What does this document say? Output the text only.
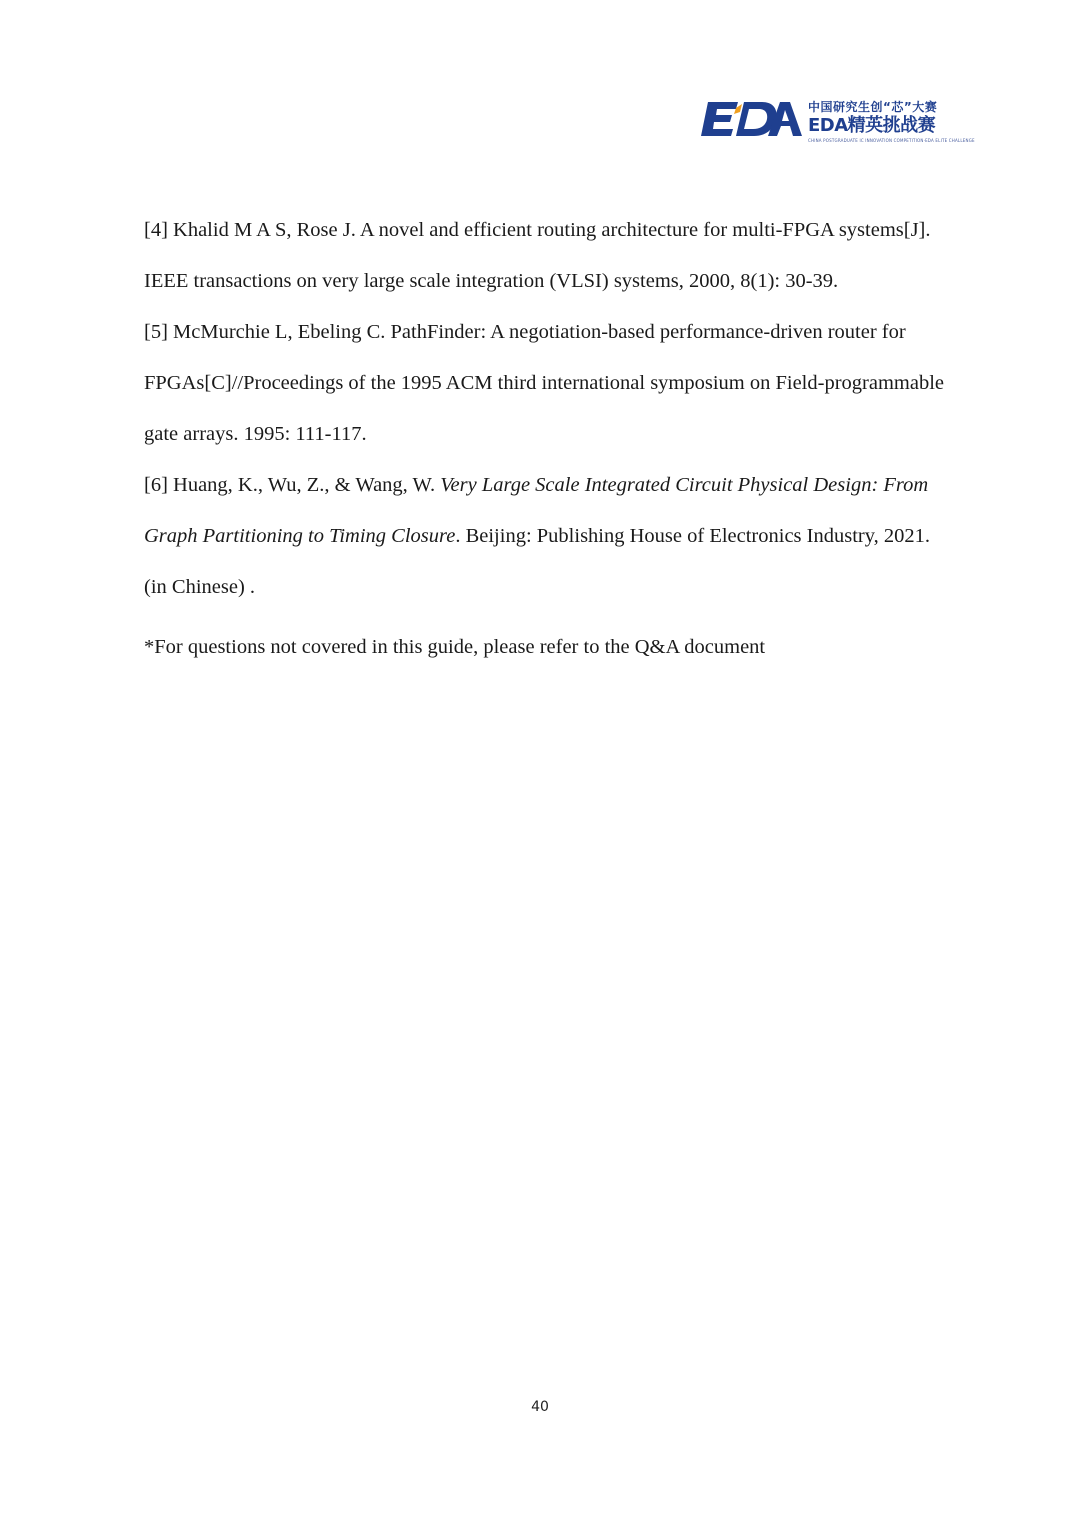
中国研究生创“芯”大赛
EDA精英挑战赛
CHINA POSTGRADUATE IC INNOVATION COMPETITION·EDA ELITE CHALLENGE

[4] Khalid M A S, Rose J. A novel and efficient routing architecture for multi-FPGA systems[J]. IEEE transactions on very large scale integration (VLSI) systems, 2000, 8(1): 30-39.

[5] McMurchie L, Ebeling C. PathFinder: A negotiation-based performance-driven router for FPGAs[C]//Proceedings of the 1995 ACM third international symposium on Field-programmable gate arrays. 1995: 111-117.

[6] Huang, K., Wu, Z., & Wang, W. Very Large Scale Integrated Circuit Physical Design: From Graph Partitioning to Timing Closure. Beijing: Publishing House of Electronics Industry, 2021. (in Chinese) .

*For questions not covered in this guide, please refer to the Q&A document

40
